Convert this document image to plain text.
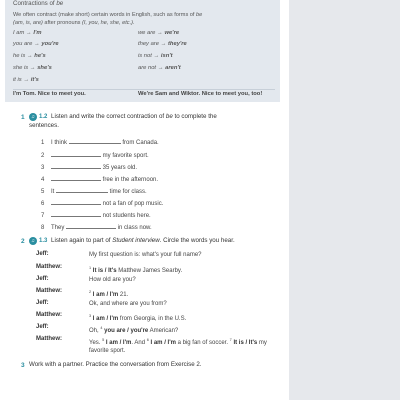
Contractions of be
We often contract (make short) certain words in English, such as forms of be
(am, is, are) after pronouns (I, you, he, she, etc.).
I am → I'm	we are → we're
you are → you're	they are → they're
he is → he's	is not → isn't
she is → she's	are not → aren't
it is → it's
I'm Tom. Nice to meet you.	We're Sam and Wiktor. Nice to meet you, too!
1	♫ 1.2 Listen and write the correct contraction of be to complete the
sentences.
1 I think	from Canada.
2	my favorite sport.
3	35 years old.
4	free in the afternoon.
5 It	time for class.
6	not a fan of pop music.
7	not students here.
8 They	in class now.
2	♫ 1.3 Listen again to part of Student interview. Circle the words you hear.
Jeff:	My first question is: what's your full name?
Matthew:	$^1$ It is / It's Matthew James Searby.
Jeff:	How old are you?
Matthew:	$^2$ I am / I'm 21.
Jeff:	Ok, and where are you from?
Matthew:	$^3$ I am / I'm from Georgia, in the U.S.
Jeff:
Oh, $^4$ you are / you're American?
Matthew:
Yes. $^5$ I am / I'm. And $^6$ I am / I'm a big fan of soccer. $^7$ It is / It's my
favorite sport.
3 Work with a partner. Practice the conversation from Exercise 2.
